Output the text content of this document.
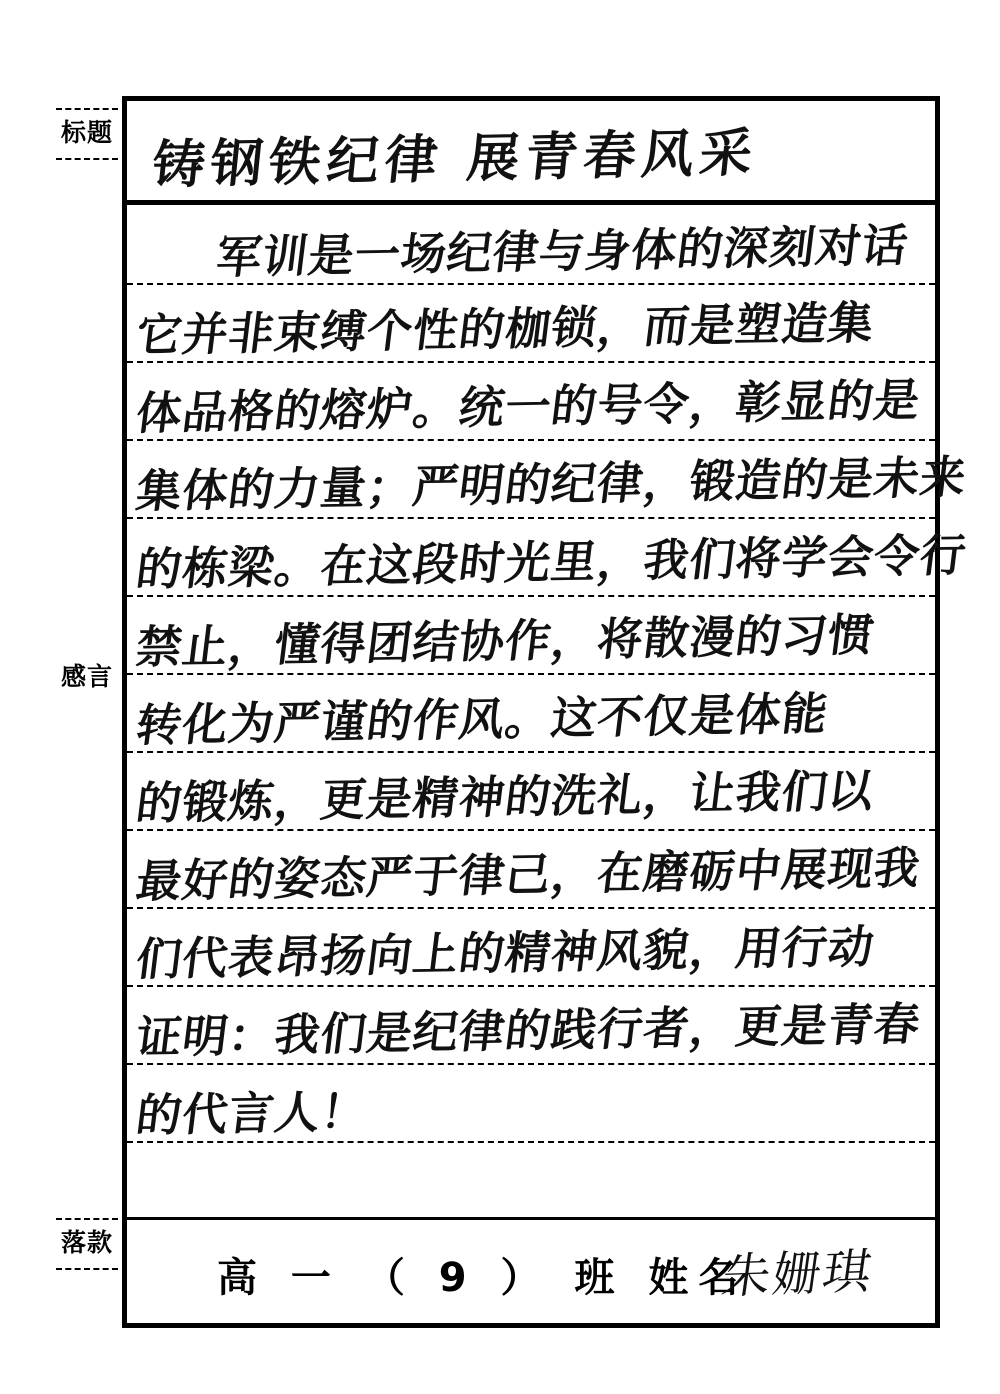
标题
感言
落款
铸钢铁纪律 展青春风采
军训是一场纪律与身体的深刻对话
它并非束缚个性的枷锁，而是塑造集
体品格的熔炉。统一的号令，彰显的是
集体的力量；严明的纪律，锻造的是未来
的栋梁。在这段时光里，我们将学会令行
禁止，懂得团结协作，将散漫的习惯
转化为严谨的作风。这不仅是体能
的锻炼，更是精神的洗礼，让我们以
最好的姿态严于律己，在磨砺中展现我
们代表昂扬向上的精神风貌，用行动
证明：我们是纪律的践行者，更是青春
的代言人！
高 一 （ 9 ） 班 姓名
朱姗琪
